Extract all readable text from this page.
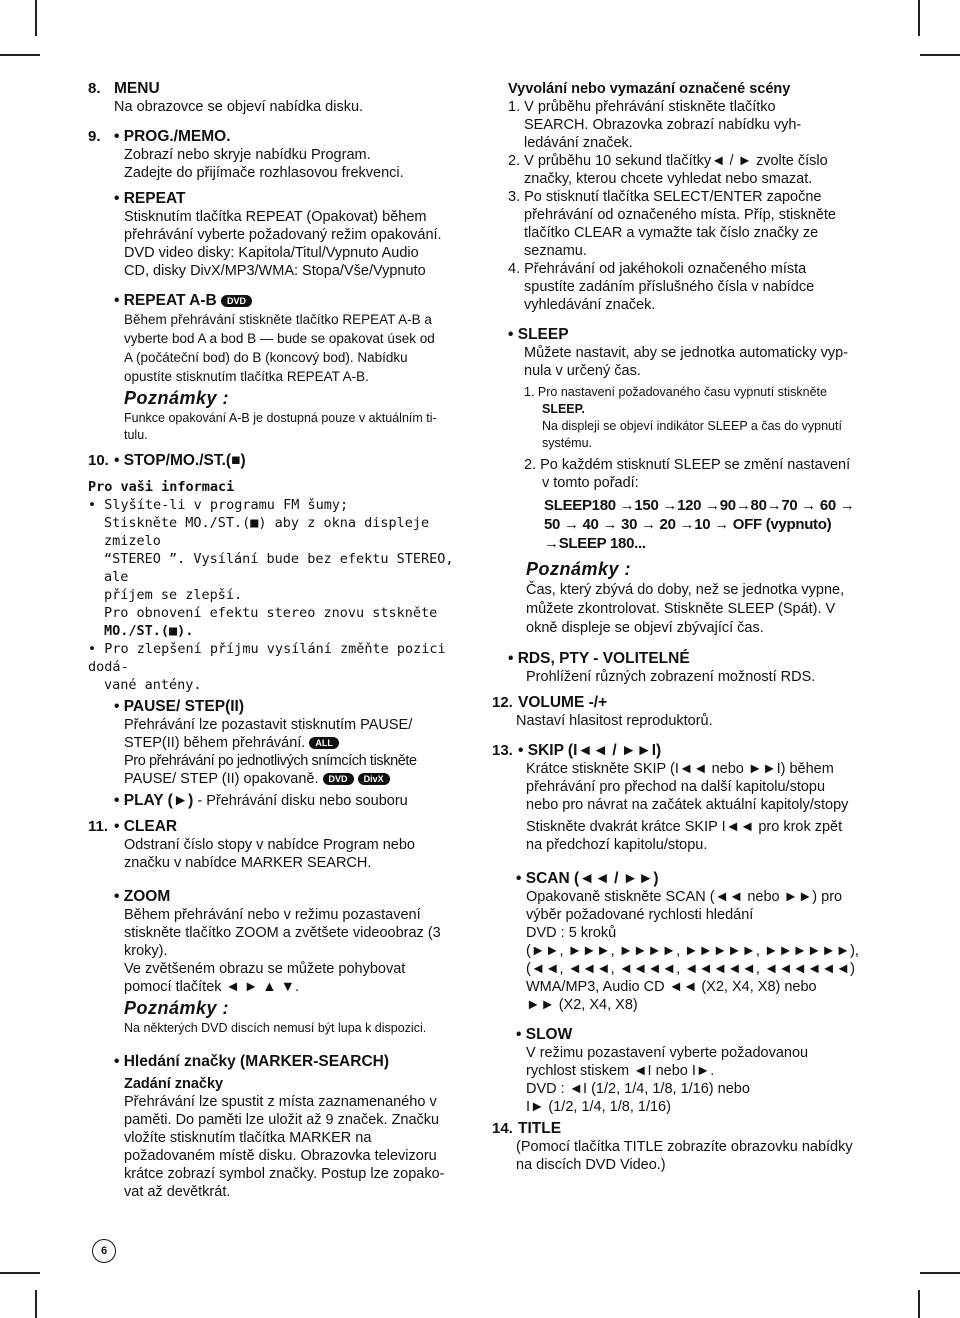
8. MENU
Na obrazovce se objeví nabídka disku.
9. • PROG./MEMO.
Zobrazí nebo skryje nabídku Program.
Zadejte do přijímače rozhlasovou frekvenci.
• REPEAT
Stisknutím tlačítka REPEAT (Opakovat) během
přehrávání vyberte požadovaný režim opakování.
DVD video disky: Kapitola/Titul/Vypnuto Audio
CD, disky DivX/MP3/WMA: Stopa/Vše/Vypnuto
• REPEAT A-B DVD
Během přehrávání stiskněte tlačítko REPEAT A-B a
vyberte bod A a bod B — bude se opakovat úsek od
A (počáteční bod) do B (koncový bod). Nabídku
opustíte stisknutím tlačítka REPEAT A-B.
Poznámky :
Funkce opakování A-B je dostupná pouze v aktuálním ti-
tulu.
10. • STOP/MO./ST.(■)
Pro vaši informaci
• Slyšíte-li v programu FM šumy;
Stiskněte MO./ST.(■) aby z okna displeje zmizelo
“STEREO ”. Vysílání bude bez efektu STEREO, ale
příjem se zlepší.
Pro obnovení efektu stereo znovu stskněte
MO./ST.(■).
• Pro zlepšení příjmu vysílání změňte pozici dodá-
vané antény.
• PAUSE/ STEP(II)
Přehrávání lze pozastavit stisknutím PAUSE/
STEP(II) během přehrávání. ALL
Pro přehrávání po jednotlivých snímcích tiskněte
PAUSE/ STEP (II) opakovaně. DVD DivX
• PLAY (►) - Přehrávání disku nebo souboru
11. • CLEAR
Odstraní číslo stopy v nabídce Program nebo
značku v nabídce MARKER SEARCH.
• ZOOM
Během přehrávání nebo v režimu pozastavení
stiskněte tlačítko ZOOM a zvětšete videoobraz (3
kroky).
Ve zvětšeném obrazu se můžete pohybovat
pomocí tlačítek ◄ ► ▲ ▼.
Poznámky :
Na některých DVD discích nemusí být lupa k dispozici.
• Hledání značky (MARKER-SEARCH)
Zadání značky
Přehrávání lze spustit z místa zaznamenaného v
paměti. Do paměti lze uložit až 9 značek. Značku
vložíte stisknutím tlačítka MARKER na
požadovaném místě disku. Obrazovka televizoru
krátce zobrazí symbol značky. Postup lze zopako-
vat až devětkrát.
Vyvolání nebo vymazání označené scény
1. V průběhu přehrávání stiskněte tlačítko
SEARCH. Obrazovka zobrazí nabídku vyh-
ledávání značek.
2. V průběhu 10 sekund tlačítky◄ / ► zvolte číslo
značky, kterou chcete vyhledat nebo smazat.
3. Po stisknutí tlačítka SELECT/ENTER započne
přehrávání od označeného místa. Příp, stiskněte
tlačítko CLEAR a vymažte tak číslo značky ze
seznamu.
4. Přehrávání od jakéhokoli označeného místa
spustíte zadáním příslušného čísla v nabídce
vyhledávání značek.
• SLEEP
Můžete nastavit, aby se jednotka automaticky vyp-
nula v určený čas.
1. Pro nastavení požadovaného času vypnutí stiskněte
SLEEP.
Na displeji se objeví indikátor SLEEP a čas do vypnutí
systému.
2. Po každém stisknutí SLEEP se změní nastavení
v tomto pořadí:
SLEEP180 →150 →120 →90→80→70 → 60 →
50 → 40 → 30 → 20 →10 → OFF (vypnuto)
→SLEEP 180...
Poznámky :
Čas, který zbývá do doby, než se jednotka vypne,
můžete zkontrolovat. Stiskněte SLEEP (Spát). V
okně displeje se objeví zbývající čas.
• RDS, PTY - VOLITELNÉ
Prohlížení různých zobrazení možností RDS.
12. VOLUME -/+
Nastaví hlasitost reproduktorů.
13. • SKIP (I◄◄ / ►►I)
Krátce stiskněte SKIP (I◄◄ nebo ►►I) během
přehrávání pro přechod na další kapitolu/stopu
nebo pro návrat na začátek aktuální kapitoly/stopy
Stiskněte dvakrát krátce SKIP I◄◄ pro krok zpět
na předchozí kapitolu/stopu.
• SCAN (◄◄ / ►►)
Opakovaně stiskněte SCAN (◄◄ nebo ►►) pro
výběr požadované rychlosti hledání
DVD : 5 kroků
(►►, ►►►, ►►►►, ►►►►►, ►►►►►►),
(◄◄, ◄◄◄, ◄◄◄◄, ◄◄◄◄◄, ◄◄◄◄◄◄)
WMA/MP3, Audio CD ◄◄ (X2, X4, X8) nebo
►► (X2, X4, X8)
• SLOW
V režimu pozastavení vyberte požadovanou
rychlost stiskem ◄I nebo I►.
DVD : ◄I (1/2, 1/4, 1/8, 1/16) nebo
I► (1/2, 1/4, 1/8, 1/16)
14. TITLE
(Pomocí tlačítka TITLE zobrazíte obrazovku nabídky
na discích DVD Video.)
6
